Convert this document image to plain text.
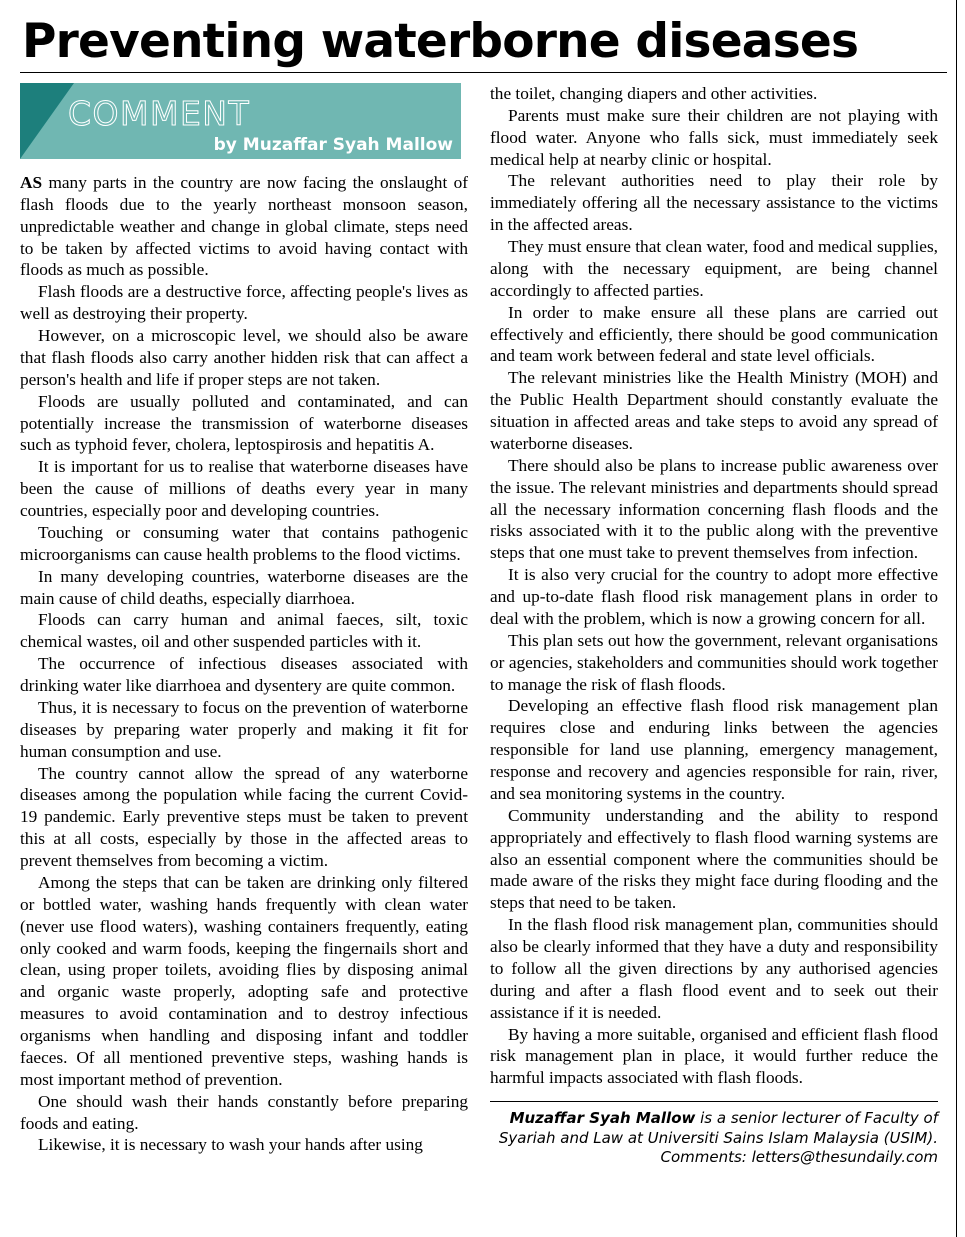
Preventing waterborne diseases
COMMENT
by Muzaffar Syah Mallow

AS many parts in the country are now facing the onslaught of flash floods due to the yearly northeast monsoon season, unpredictable weather and change in global climate, steps need to be taken by affected victims to avoid having contact with floods as much as possible.

Flash floods are a destructive force, affecting people's lives as well as destroying their property.

However, on a microscopic level, we should also be aware that flash floods also carry another hidden risk that can affect a person's health and life if proper steps are not taken.

Floods are usually polluted and contaminated, and can potentially increase the transmission of waterborne diseases such as typhoid fever, cholera, leptospirosis and hepatitis A.

It is important for us to realise that waterborne diseases have been the cause of millions of deaths every year in many countries, especially poor and developing countries.

Touching or consuming water that contains pathogenic microorganisms can cause health problems to the flood victims.

In many developing countries, waterborne diseases are the main cause of child deaths, especially diarrhoea.

Floods can carry human and animal faeces, silt, toxic chemical wastes, oil and other suspended particles with it.

The occurrence of infectious diseases associated with drinking water like diarrhoea and dysentery are quite common.

Thus, it is necessary to focus on the prevention of waterborne diseases by preparing water properly and making it fit for human consumption and use.

The country cannot allow the spread of any waterborne diseases among the population while facing the current Covid-19 pandemic. Early preventive steps must be taken to prevent this at all costs, especially by those in the affected areas to prevent themselves from becoming a victim.

Among the steps that can be taken are drinking only filtered or bottled water, washing hands frequently with clean water (never use flood waters), washing containers frequently, eating only cooked and warm foods, keeping the fingernails short and clean, using proper toilets, avoiding flies by disposing animal and organic waste properly, adopting safe and protective measures to avoid contamination and to destroy infectious organisms when handling and disposing infant and toddler faeces. Of all mentioned preventive steps, washing hands is most important method of prevention.

One should wash their hands constantly before preparing foods and eating.

Likewise, it is necessary to wash your hands after using

the toilet, changing diapers and other activities.

Parents must make sure their children are not playing with flood water. Anyone who falls sick, must immediately seek medical help at nearby clinic or hospital.

The relevant authorities need to play their role by immediately offering all the necessary assistance to the victims in the affected areas.

They must ensure that clean water, food and medical supplies, along with the necessary equipment, are being channel accordingly to affected parties.

In order to make ensure all these plans are carried out effectively and efficiently, there should be good communication and team work between federal and state level officials.

The relevant ministries like the Health Ministry (MOH) and the Public Health Department should constantly evaluate the situation in affected areas and take steps to avoid any spread of waterborne diseases.

There should also be plans to increase public awareness over the issue. The relevant ministries and departments should spread all the necessary information concerning flash floods and the risks associated with it to the public along with the preventive steps that one must take to prevent themselves from infection.

It is also very crucial for the country to adopt more effective and up-to-date flash flood risk management plans in order to deal with the problem, which is now a growing concern for all.

This plan sets out how the government, relevant organisations or agencies, stakeholders and communities should work together to manage the risk of flash floods.

Developing an effective flash flood risk management plan requires close and enduring links between the agencies responsible for land use planning, emergency management, response and recovery and agencies responsible for rain, river, and sea monitoring systems in the country.

Community understanding and the ability to respond appropriately and effectively to flash flood warning systems are also an essential component where the communities should be made aware of the risks they might face during flooding and the steps that need to be taken.

In the flash flood risk management plan, communities should also be clearly informed that they have a duty and responsibility to follow all the given directions by any authorised agencies during and after a flash flood event and to seek out their assistance if it is needed.

By having a more suitable, organised and efficient flash flood risk management plan in place, it would further reduce the harmful impacts associated with flash floods.

Muzaffar Syah Mallow is a senior lecturer of Faculty of Syariah and Law at Universiti Sains Islam Malaysia (USIM).
Comments: letters@thesundaily.com
